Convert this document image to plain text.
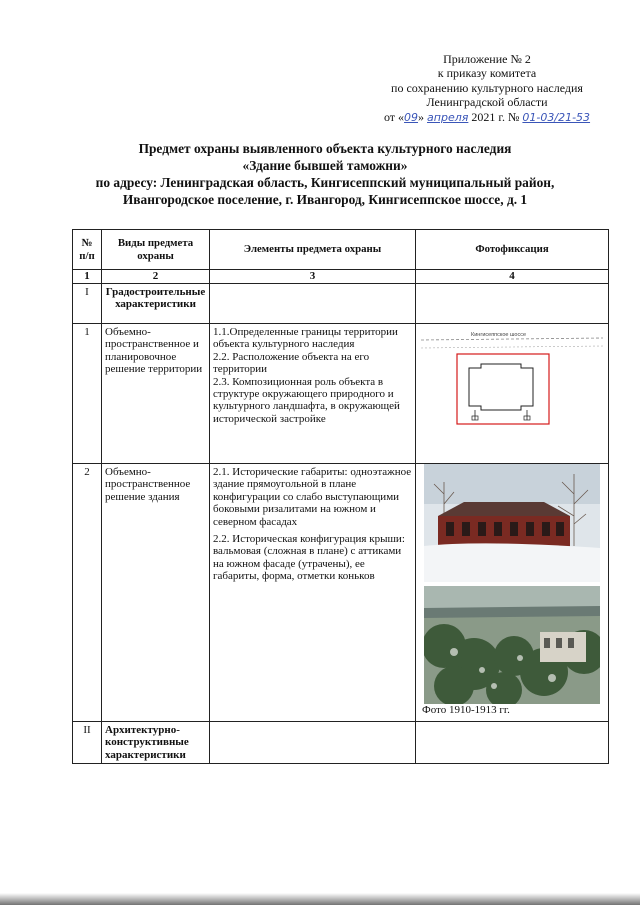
Приложение № 2
к приказу комитета
по сохранению культурного наследия
Ленинградской области
от «09» апреля 2021 г. № 01-03/21-53
Предмет охраны выявленного объекта культурного наследия
«Здание бывшей таможни»
по адресу: Ленинградская область, Кингисеппский муниципальный район,
Ивангородское поселение, г. Ивангород, Кингисеппское шоссе, д. 1
№ п/п	Виды предмета охраны	Элементы предмета охраны	Фотофиксация
1	2	3	4
I	Градостроительные характеристики		
1	Объемно-пространственное и планировочное решение территории	1.1.Определенные границы территории объекта культурного наследия
2.2. Расположение объекта на его территории
2.3. Композиционная роль объекта в структуре окружающего природного и культурного ландшафта, в окружающей исторической застройке	Кингисеппское шоссе

2	Объемно-пространственное решение здания	2.1. Исторические габариты: одноэтажное здание прямоугольной в плане конфигурации со слабо выступающими боковыми ризалитами на южном и северном фасадах

2.2. Историческая конфигурация крыши: вальмовая (сложная в плане) с аттиками на южном фасаде (утрачены), ее габариты, форма, отметки коньков	Фото 1910-1913 гг.

II	Архитектурно-конструктивные характеристики		
